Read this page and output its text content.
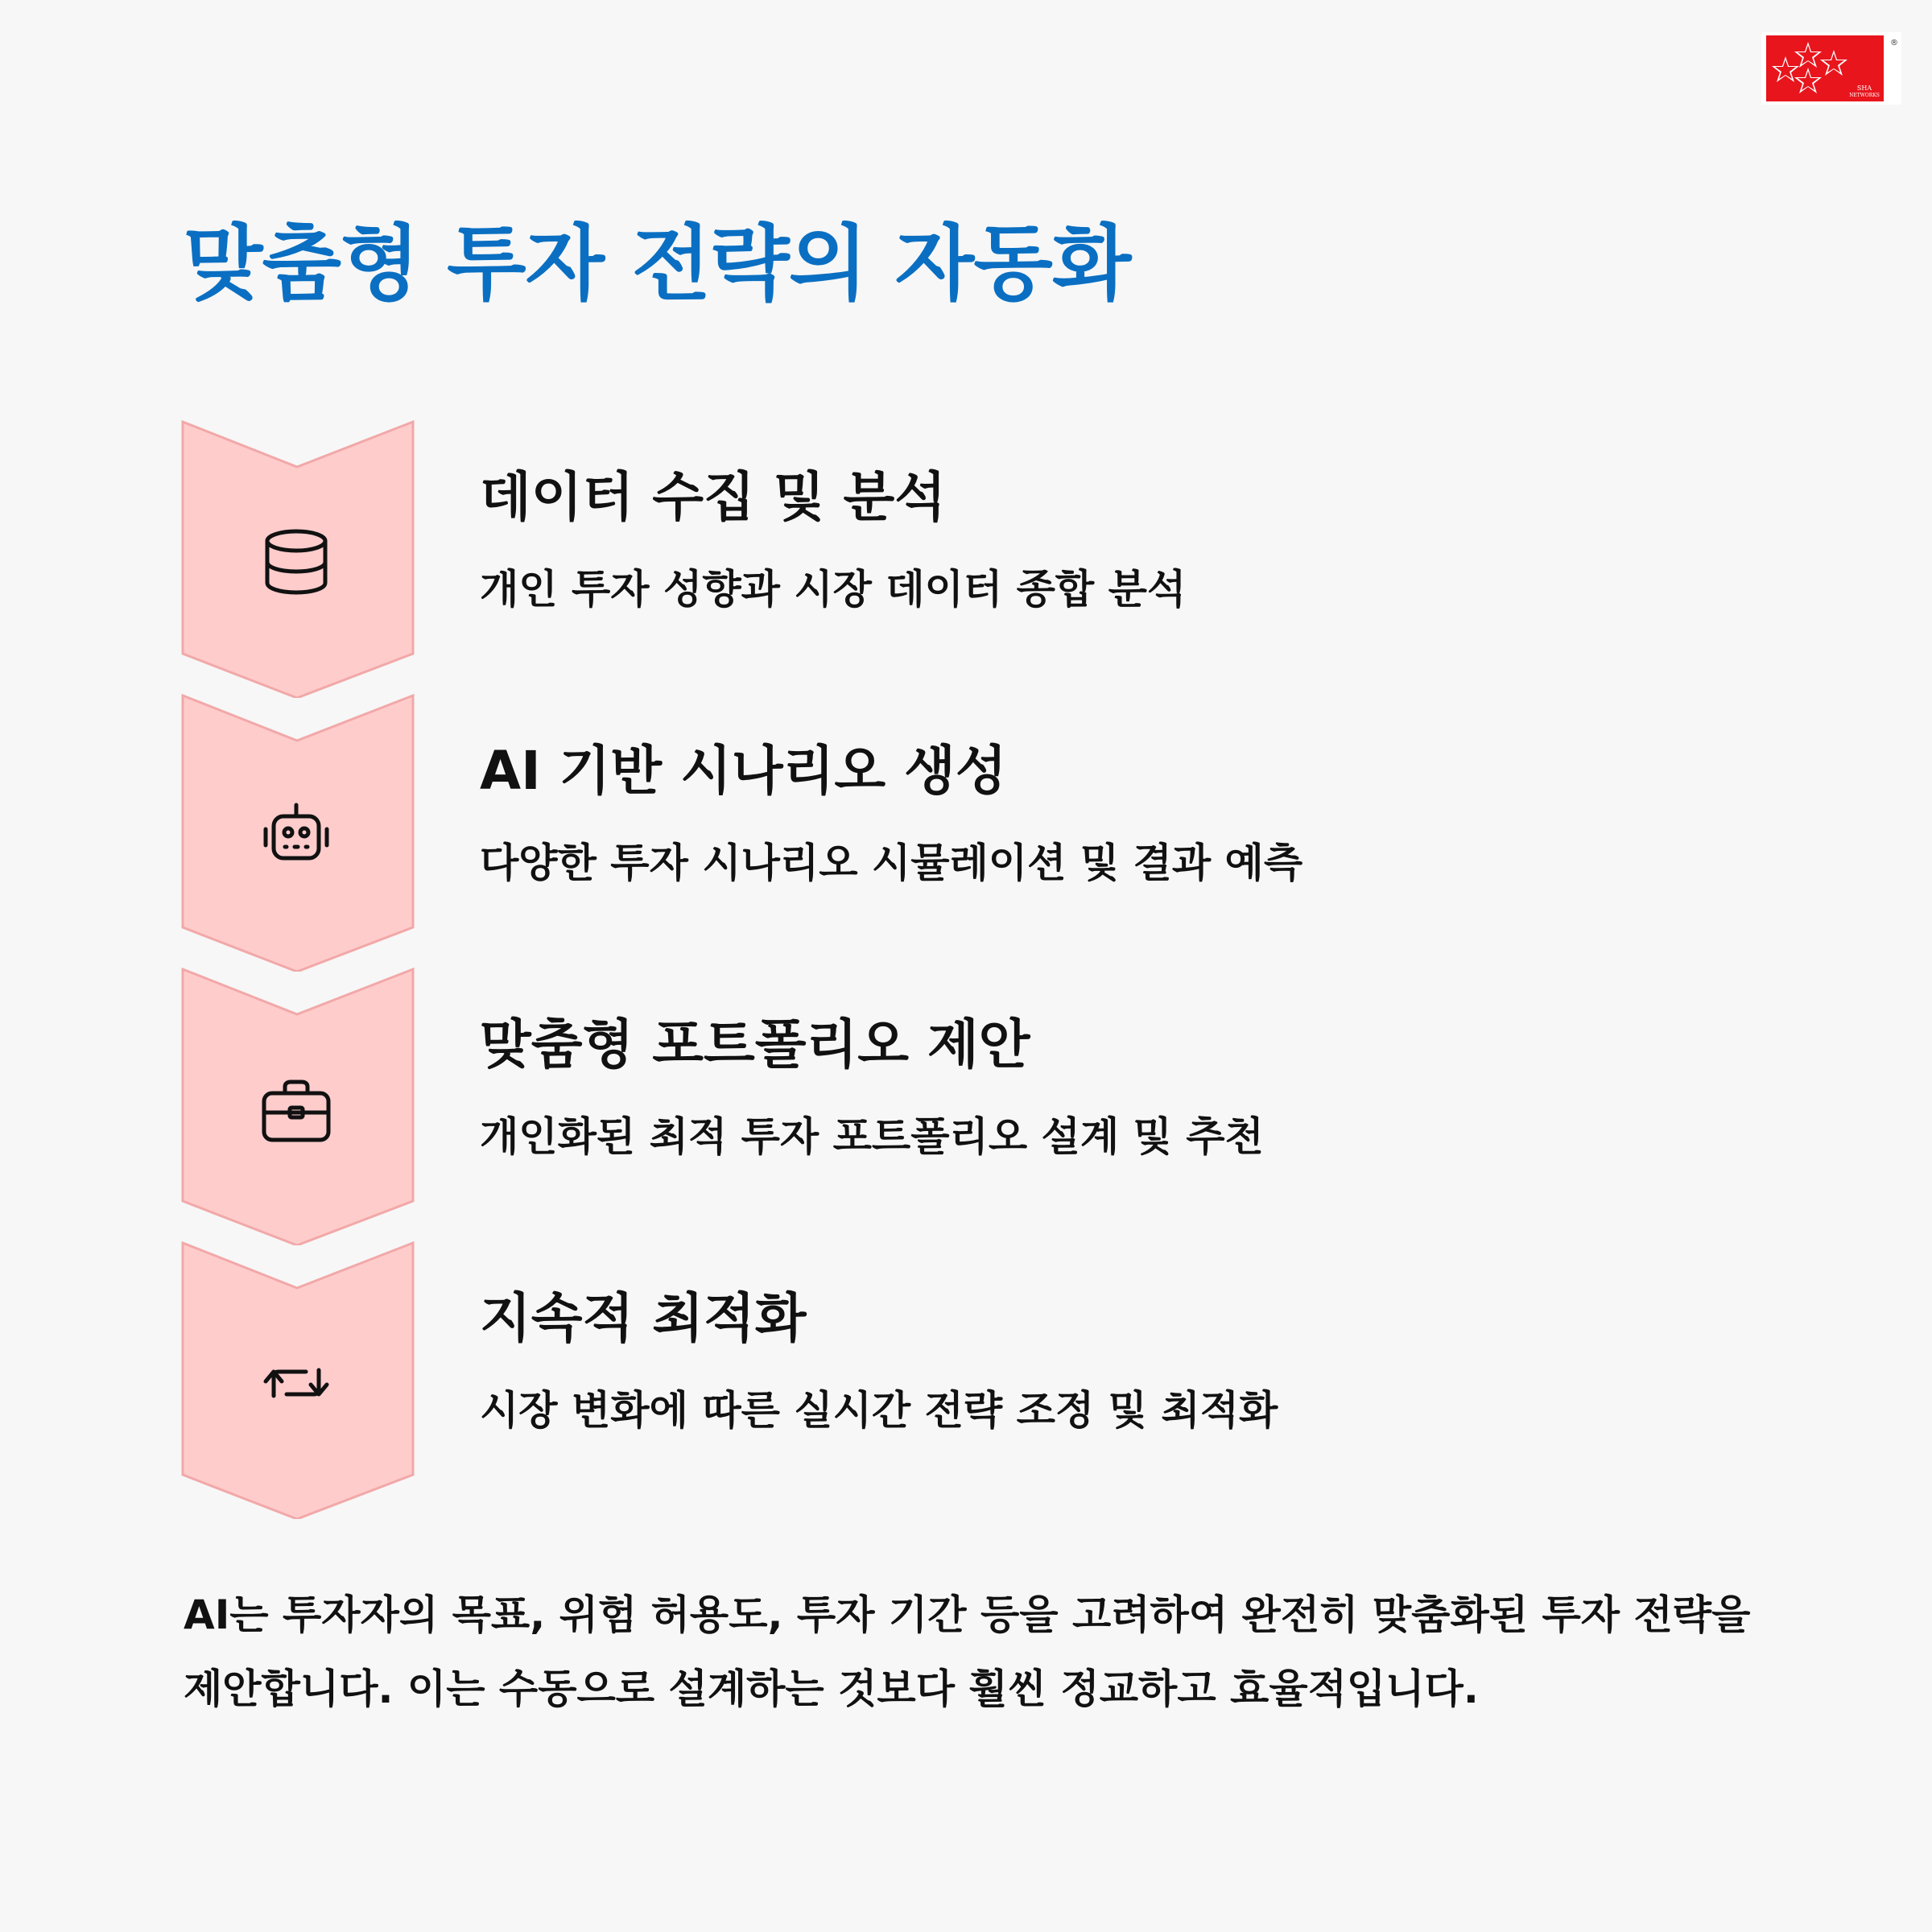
SHA
NETWORKS
®
맞춤형 투자 전략의 자동화
데이터 수집 및 분석

개인 투자 성향과 시장 데이터 종합 분석

AI 기반 시나리오 생성

다양한 투자 시나리오 시뮬레이션 및 결과 예측

맞춤형 포트폴리오 제안

개인화된 최적 투자 포트폴리오 설계 및 추천

지속적 최적화

시장 변화에 따른 실시간 전략 조정 및 최적화

AI는 투자자의 목표, 위험 허용도, 투자 기간 등을 고려하여 완전히 맞춤화된 투자 전략을 제안합니다. 이는 수동으로 설계하는 것보다 훨씬 정교하고 효율적입니다.
